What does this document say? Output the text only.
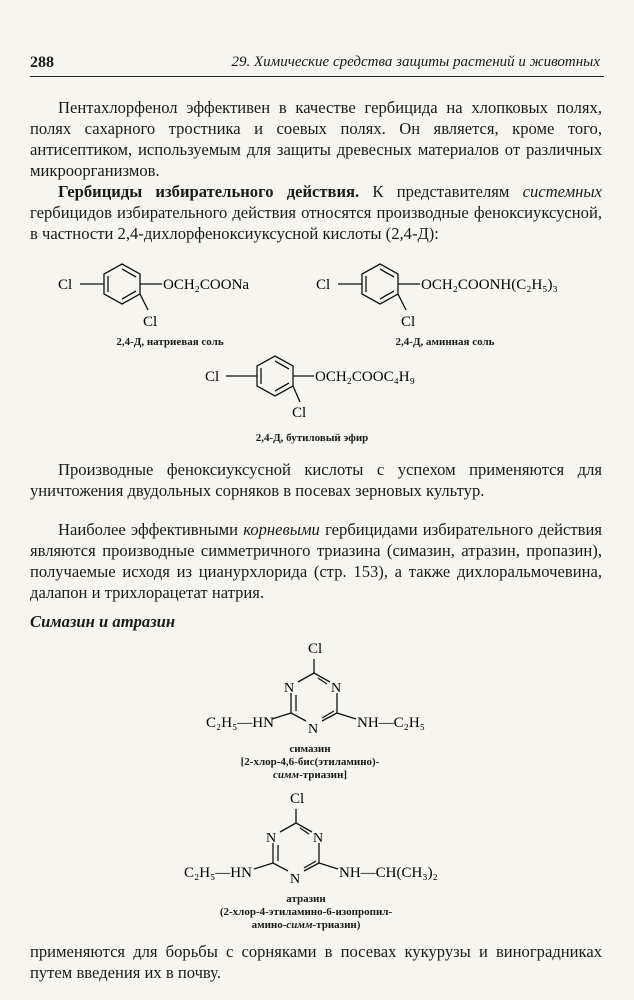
288	29. Химические средства защиты растений и животных
Пентахлорфенол эффективен в качестве гербицида на хлопковых полях, полях сахарного тростника и соевых полях. Он является, кроме того, антисептиком, используемым для защиты древесных материалов от различных микроорганизмов.
Гербициды избирательного действия. К представителям системных гербицидов избирательного действия относятся производные феноксиуксусной, в частности 2,4-дихлорфеноксиуксусной кислоты (2,4-Д):
Cl
Cl
OCH₂COONa	Cl
Cl
OCH₂COONH(C₂H₅)₃
2,4-Д, натриевая соль	2,4-Д, аминная соль
Cl
Cl
OCH₂COOC₄H₉
2,4-Д, бутиловый эфир
Производные феноксиуксусной кислоты с успехом применяются для уничтожения двудольных сорняков в посевах зерновых культур.
Наиболее эффективными корневыми гербицидами избирательного действия являются производные симметричного триазина (симазин, атразин, пропазин), получаемые исходя из цианурхлорида (стр. 153), а также дихлоральмочевина, далапон и трихлорацетат натрия.
Симазин и атразин
Cl
N	N
N
C₂H₅—HN	NH—C₂H₅
симазин
[2-хлор-4,6-бис(этиламино)-
симм-триазин]
Cl
N	N
N
C₂H₅—HN	NH—CH(CH₃)₂
атразин
(2-хлор-4-этиламино-6-изопропил-
амино-симм-триазин)
применяются для борьбы с сорняками в посевах кукурузы и виноградниках путем введения их в почву.
